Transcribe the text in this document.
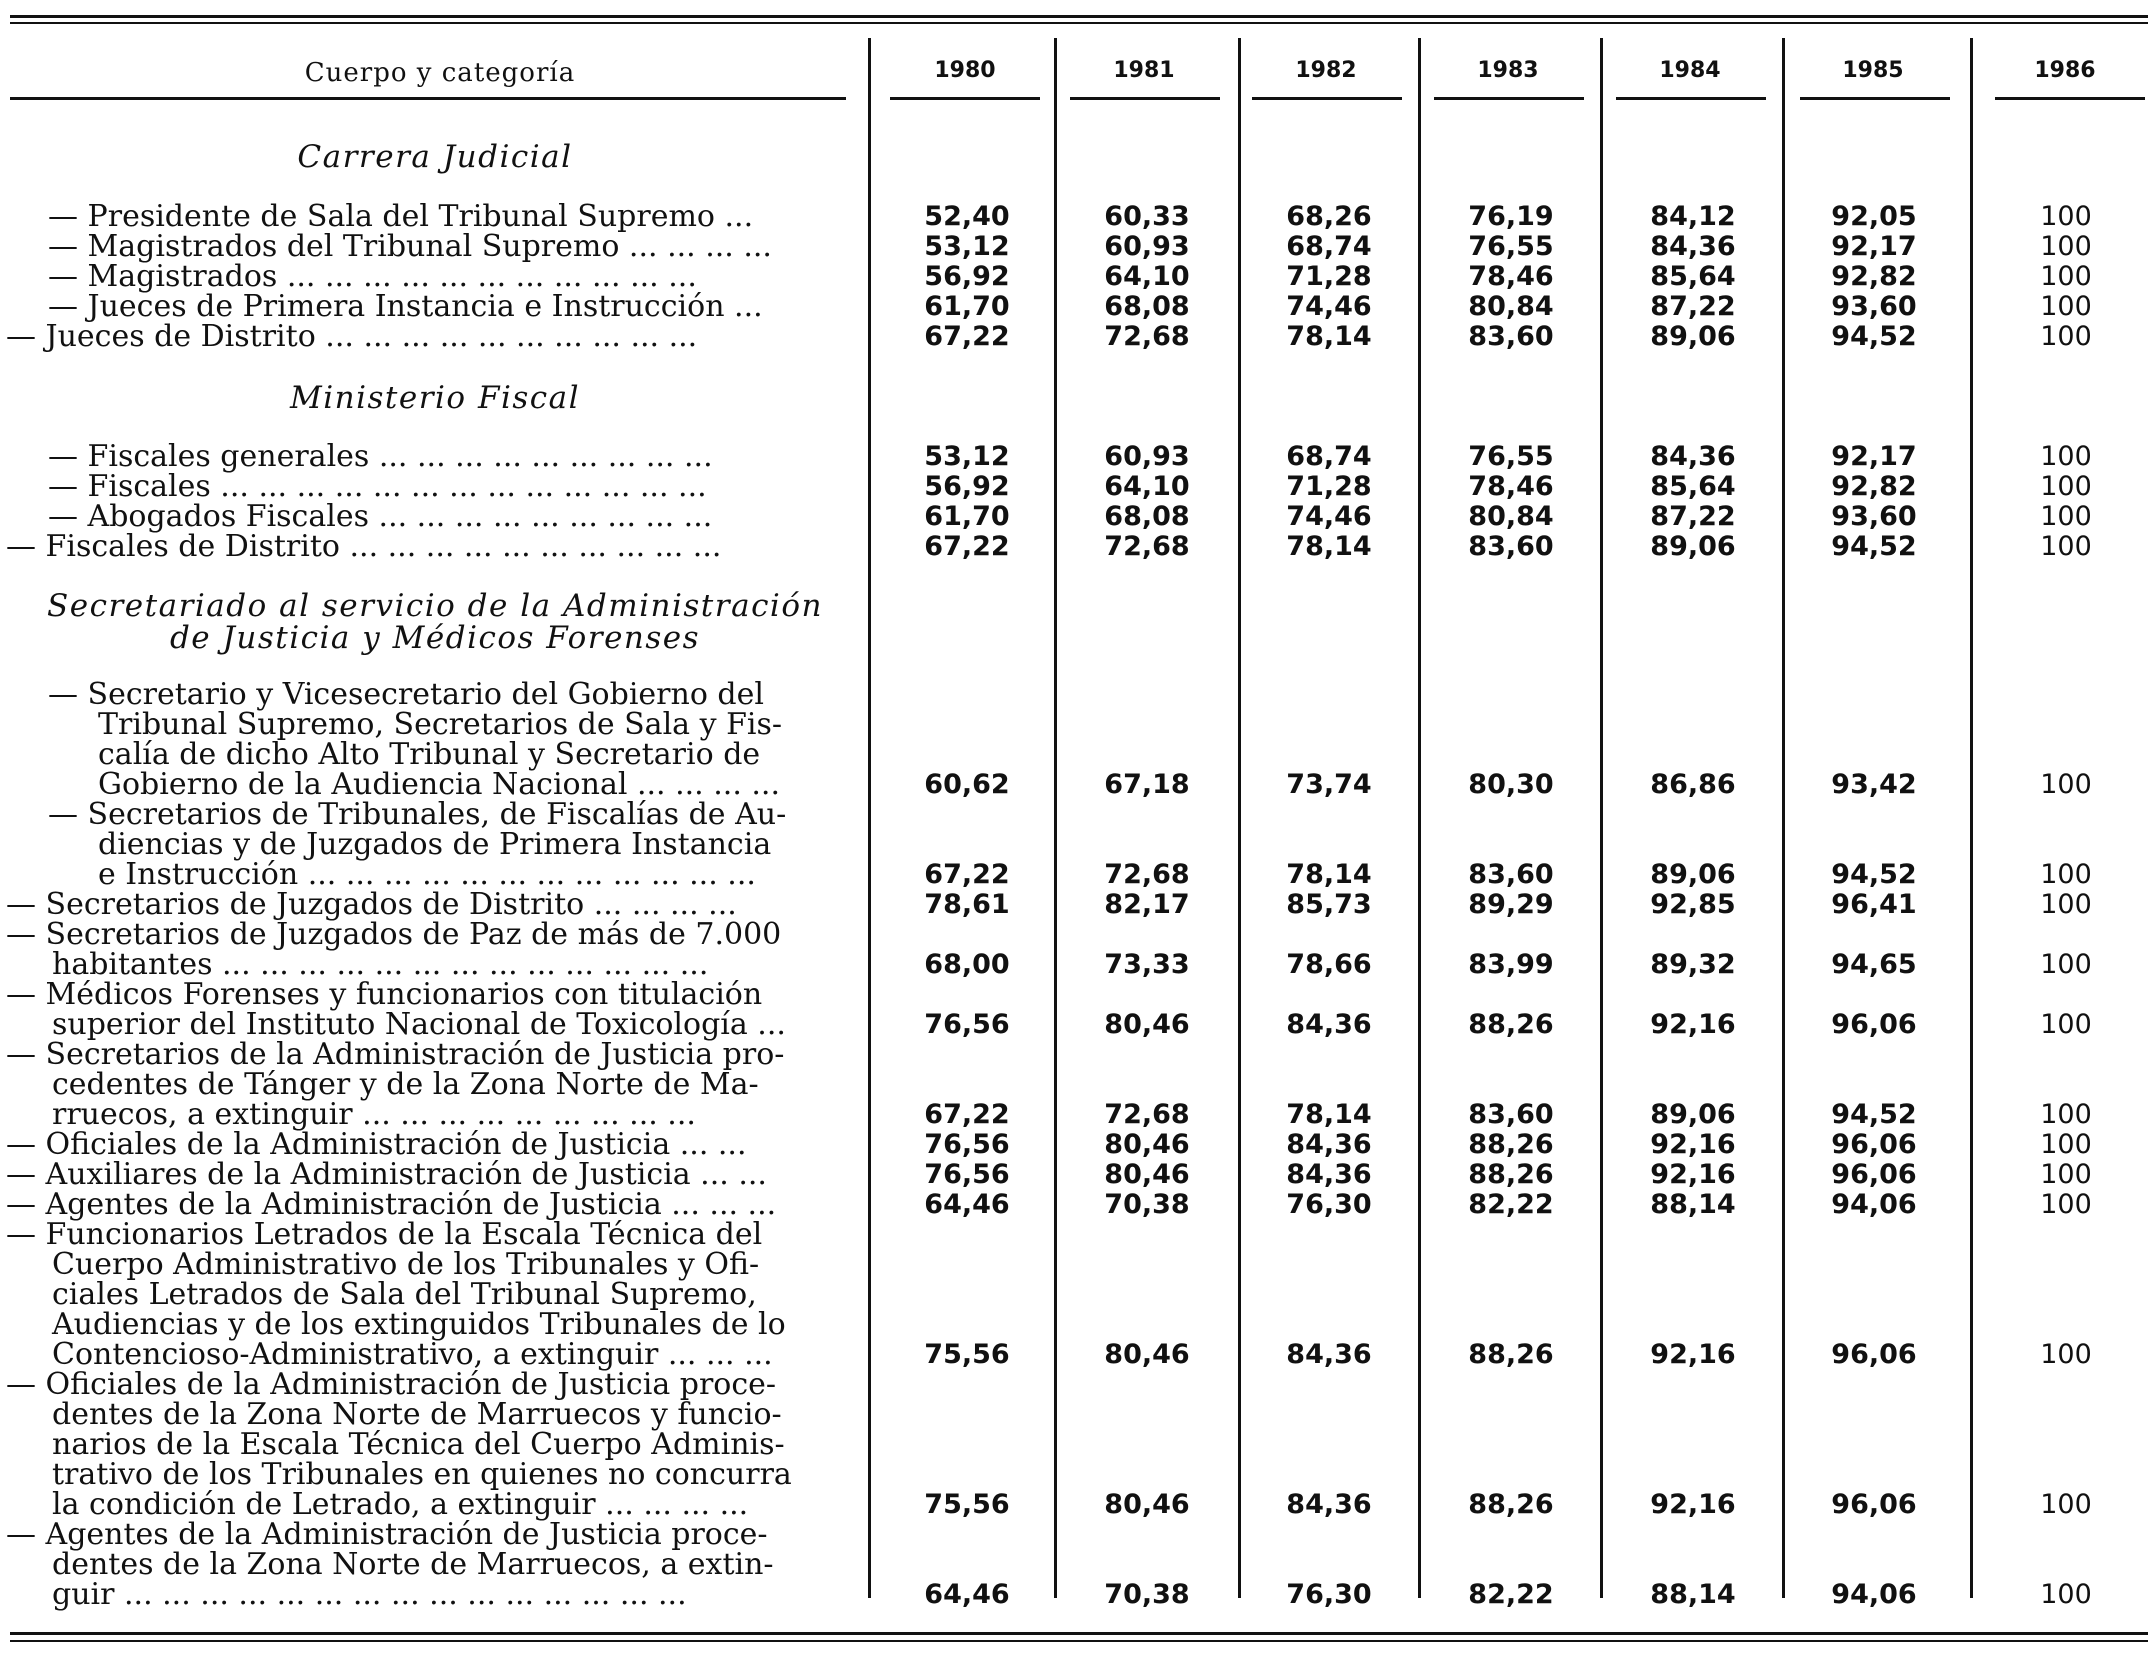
Cuerpo y categoría	1980	1981	1982	1983	1984	1985	1986
Carrera Judicial
Ministerio Fiscal
Secretariado al servicio de la Administración
de Justicia y Médicos Forenses
— Presidente de Sala del Tribunal Supremo ...	52,40	60,33	68,26	76,19	84,12	92,05	100
— Magistrados del Tribunal Supremo ... ... ... ...	53,12	60,93	68,74	76,55	84,36	92,17	100
— Magistrados ... ... ... ... ... ... ... ... ... ... ...	56,92	64,10	71,28	78,46	85,64	92,82	100
— Jueces de Primera Instancia e Instrucción ...	61,70	68,08	74,46	80,84	87,22	93,60	100
— Jueces de Distrito ... ... ... ... ... ... ... ... ... ...	67,22	72,68	78,14	83,60	89,06	94,52	100
— Fiscales generales ... ... ... ... ... ... ... ... ...	53,12	60,93	68,74	76,55	84,36	92,17	100
— Fiscales ... ... ... ... ... ... ... ... ... ... ... ... ...	56,92	64,10	71,28	78,46	85,64	92,82	100
— Abogados Fiscales ... ... ... ... ... ... ... ... ...	61,70	68,08	74,46	80,84	87,22	93,60	100
— Fiscales de Distrito ... ... ... ... ... ... ... ... ... ...	67,22	72,68	78,14	83,60	89,06	94,52	100
— Secretario y Vicesecretario del Gobierno del
Tribunal Supremo, Secretarios de Sala y Fis-
calía de dicho Alto Tribunal y Secretario de
Gobierno de la Audiencia Nacional ... ... ... ...	60,62	67,18	73,74	80,30	86,86	93,42	100
— Secretarios de Tribunales, de Fiscalías de Au-
diencias y de Juzgados de Primera Instancia
e Instrucción ... ... ... ... ... ... ... ... ... ... ... ...	67,22	72,68	78,14	83,60	89,06	94,52	100
— Secretarios de Juzgados de Distrito ... ... ... ...	78,61	82,17	85,73	89,29	92,85	96,41	100
— Secretarios de Juzgados de Paz de más de 7.000
habitantes ... ... ... ... ... ... ... ... ... ... ... ... ...	68,00	73,33	78,66	83,99	89,32	94,65	100
— Médicos Forenses y funcionarios con titulación
superior del Instituto Nacional de Toxicología ...	76,56	80,46	84,36	88,26	92,16	96,06	100
— Secretarios de la Administración de Justicia pro-
cedentes de Tánger y de la Zona Norte de Ma-
rruecos, a extinguir ... ... ... ... ... ... ... ... ...	67,22	72,68	78,14	83,60	89,06	94,52	100
— Oficiales de la Administración de Justicia ... ...	76,56	80,46	84,36	88,26	92,16	96,06	100
— Auxiliares de la Administración de Justicia ... ...	76,56	80,46	84,36	88,26	92,16	96,06	100
— Agentes de la Administración de Justicia ... ... ...	64,46	70,38	76,30	82,22	88,14	94,06	100
— Funcionarios Letrados de la Escala Técnica del
Cuerpo Administrativo de los Tribunales y Ofi-
ciales Letrados de Sala del Tribunal Supremo,
Audiencias y de los extinguidos Tribunales de lo
Contencioso-Administrativo, a extinguir ... ... ...	75,56	80,46	84,36	88,26	92,16	96,06	100
— Oficiales de la Administración de Justicia proce-
dentes de la Zona Norte de Marruecos y funcio-
narios de la Escala Técnica del Cuerpo Adminis-
trativo de los Tribunales en quienes no concurra
la condición de Letrado, a extinguir ... ... ... ...	75,56	80,46	84,36	88,26	92,16	96,06	100
— Agentes de la Administración de Justicia proce-
dentes de la Zona Norte de Marruecos, a extin-
guir ... ... ... ... ... ... ... ... ... ... ... ... ... ... ...	64,46	70,38	76,30	82,22	88,14	94,06	100
